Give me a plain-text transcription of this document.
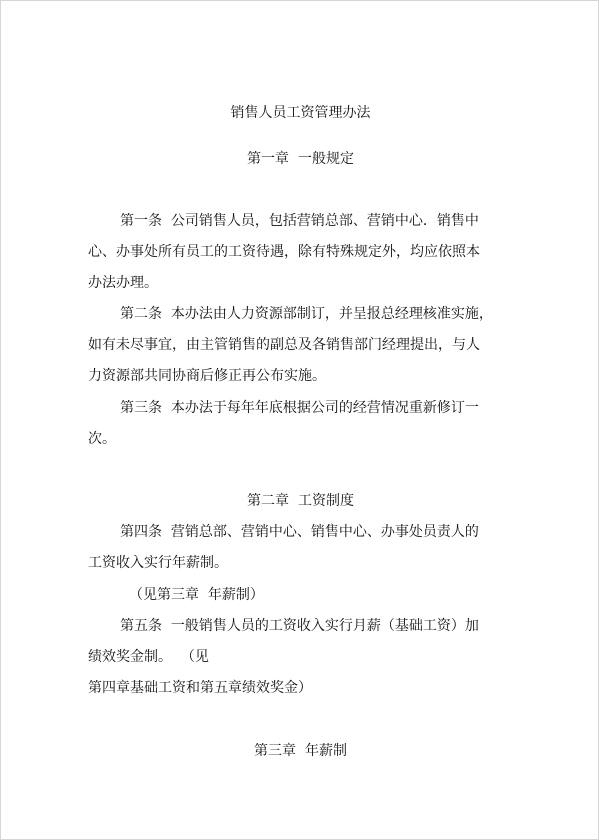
销售人员工资管理办法
第一章  一般规定
第一条  公司销售人员，包括营销总部、营销中心．销售中
心、办事处所有员工的工资待遇，除有特殊规定外，均应依照本
办法办理。
第二条  本办法由人力资源部制订，并呈报总经理核准实施，
如有未尽事宜，由主管销售的副总及各销售部门经理提出，与人
力资源部共同协商后修正再公布实施。
第三条  本办法于每年年底根据公司的经营情况重新修订一
次。
第二章  工资制度
第四条  营销总部、营销中心、销售中心、办事处员责人的
工资收入实行年薪制。
（见第三章  年薪制）
第五条  一般销售人员的工资收入实行月薪（基础工资）加
绩效奖金制。  （见
第四章基础工资和第五章绩效奖金）
第三章  年薪制
